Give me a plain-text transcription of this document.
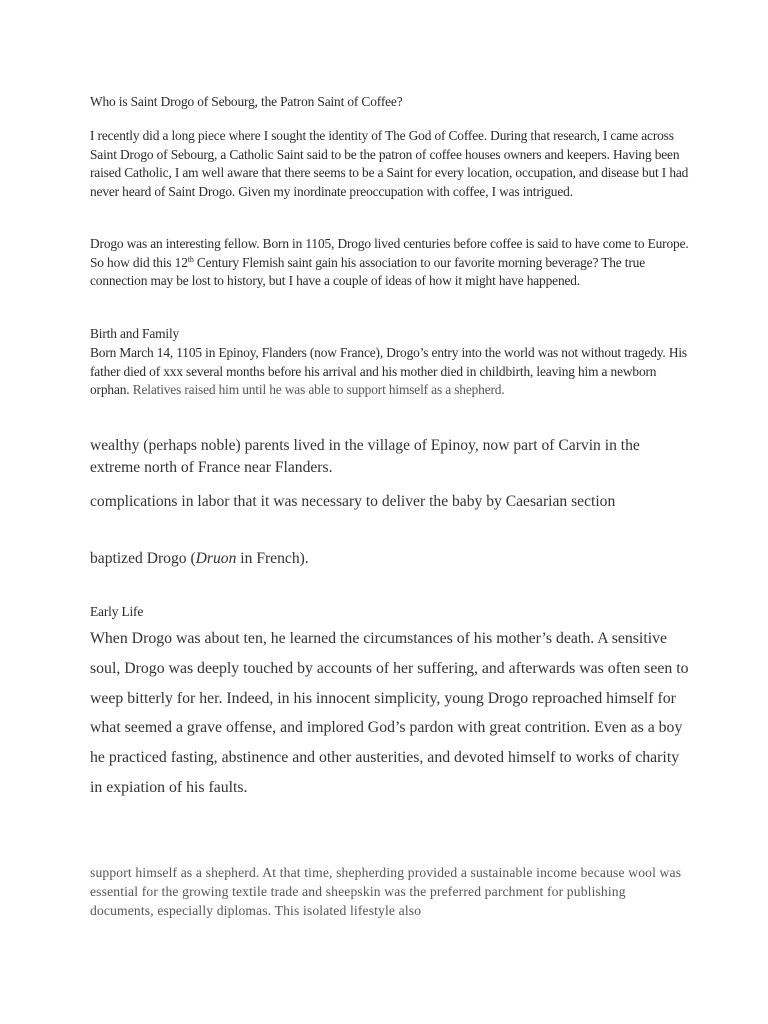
Who is Saint Drogo of Sebourg, the Patron Saint of Coffee?

I recently did a long piece where I sought the identity of The God of Coffee. During that research, I came across Saint Drogo of Sebourg, a Catholic Saint said to be the patron of coffee houses owners and keepers. Having been raised Catholic, I am well aware that there seems to be a Saint for every location, occupation, and disease but I had never heard of Saint Drogo. Given my inordinate preoccupation with coffee, I was intrigued.

Drogo was an interesting fellow. Born in 1105, Drogo lived centuries before coffee is said to have come to Europe. So how did this 12th Century Flemish saint gain his association to our favorite morning beverage? The true connection may be lost to history, but I have a couple of ideas of how it might have happened.

Birth and Family

Born March 14, 1105 in Epinoy, Flanders (now France), Drogo’s entry into the world was not without tragedy. His father died of xxx several months before his arrival and his mother died in childbirth, leaving him a newborn orphan. Relatives raised him until he was able to support himself as a shepherd.

wealthy (perhaps noble) parents lived in the village of Epinoy, now part of Carvin in the extreme north of France near Flanders.

complications in labor that it was necessary to deliver the baby by Caesarian section

baptized Drogo (Druon in French).

Early Life

When Drogo was about ten, he learned the circumstances of his mother’s death. A sensitive soul, Drogo was deeply touched by accounts of her suffering, and afterwards was often seen to weep bitterly for her. Indeed, in his innocent simplicity, young Drogo reproached himself for what seemed a grave offense, and implored God’s pardon with great contrition. Even as a boy he practiced fasting, abstinence and other austerities, and devoted himself to works of charity in expiation of his faults.

support himself as a shepherd. At that time, shepherding provided a sustainable income because wool was essential for the growing textile trade and sheepskin was the preferred parchment for publishing documents, especially diplomas. This isolated lifestyle also
